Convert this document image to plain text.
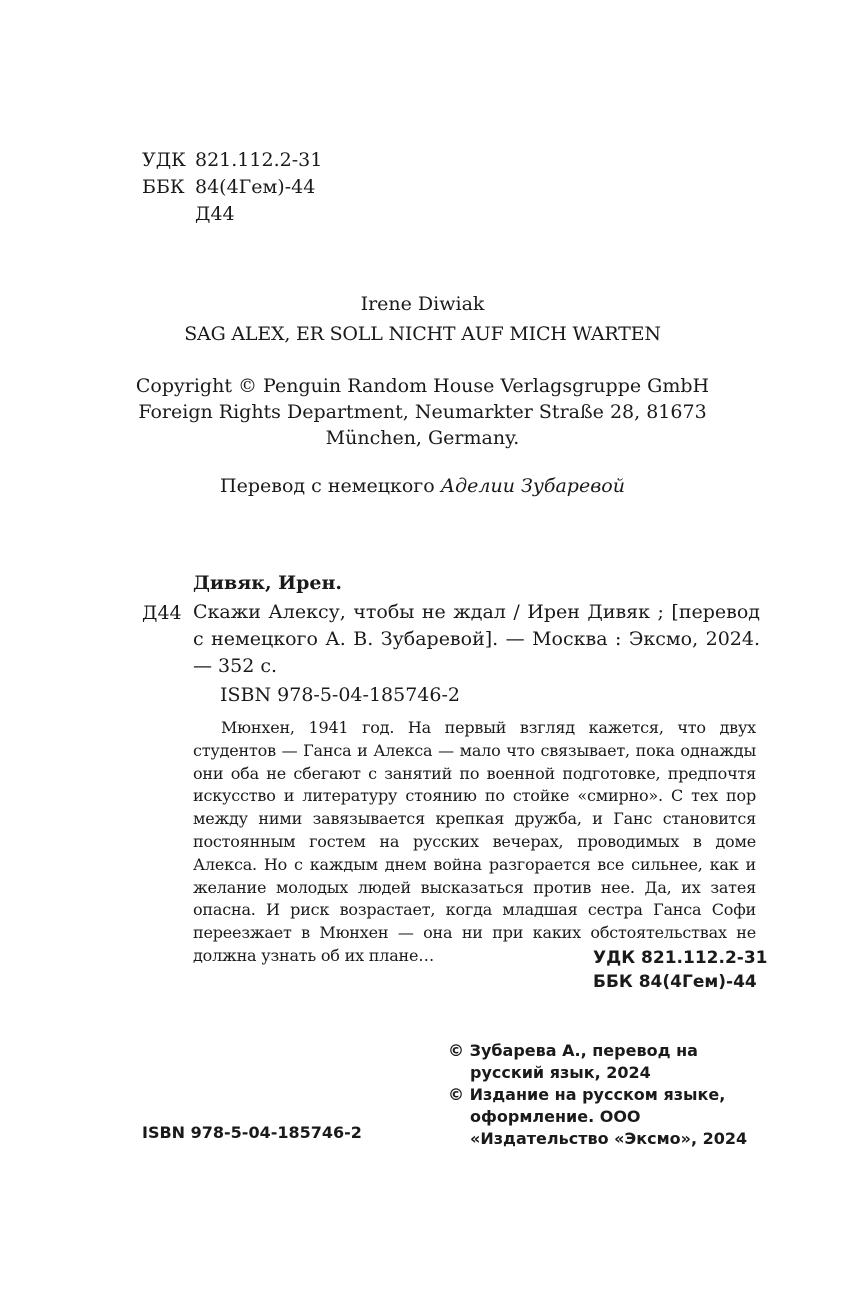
УДК 821.112.2-31
ББК 84(4Гем)-44
Д44
Irene Diwiak
SAG ALEX, ER SOLL NICHT AUF MICH WARTEN
Copyright © Penguin Random House Verlagsgruppe GmbH
Foreign Rights Department, Neumarkter Straße 28, 81673
München, Germany.
Перевод с немецкого Аделии Зубаревой
Дивяк, Ирен.
Д44 Скажи Алексу, чтобы не ждал / Ирен Дивяк ; [перевод с немецкого А. В. Зубаревой]. — Москва : Эксмо, 2024. — 352 с.
ISBN 978-5-04-185746-2
Мюнхен, 1941 год. На первый взгляд кажется, что двух студентов — Ганса и Алекса — мало что связывает, пока однажды они оба не сбегают с занятий по военной подготовке, предпочтя искусство и литературу стоянию по стойке «смирно». С тех пор между ними завязывается крепкая дружба, и Ганс становится постоянным гостем на русских вечерах, проводимых в доме Алекса. Но с каждым днем война разгорается все сильнее, как и желание молодых людей высказаться против нее. Да, их затея опасна. И риск возрастает, когда младшая сестра Ганса Софи переезжает в Мюнхен — она ни при каких обстоятельствах не должна узнать об их плане…	УДК 821.112.2-31
ББК 84(4Гем)-44

© Зубарева А., перевод на русский язык, 2024

© Издание на русском языке, оформление. ООО «Издательство «Эксмо», 2024

ISBN 978-5-04-185746-2
